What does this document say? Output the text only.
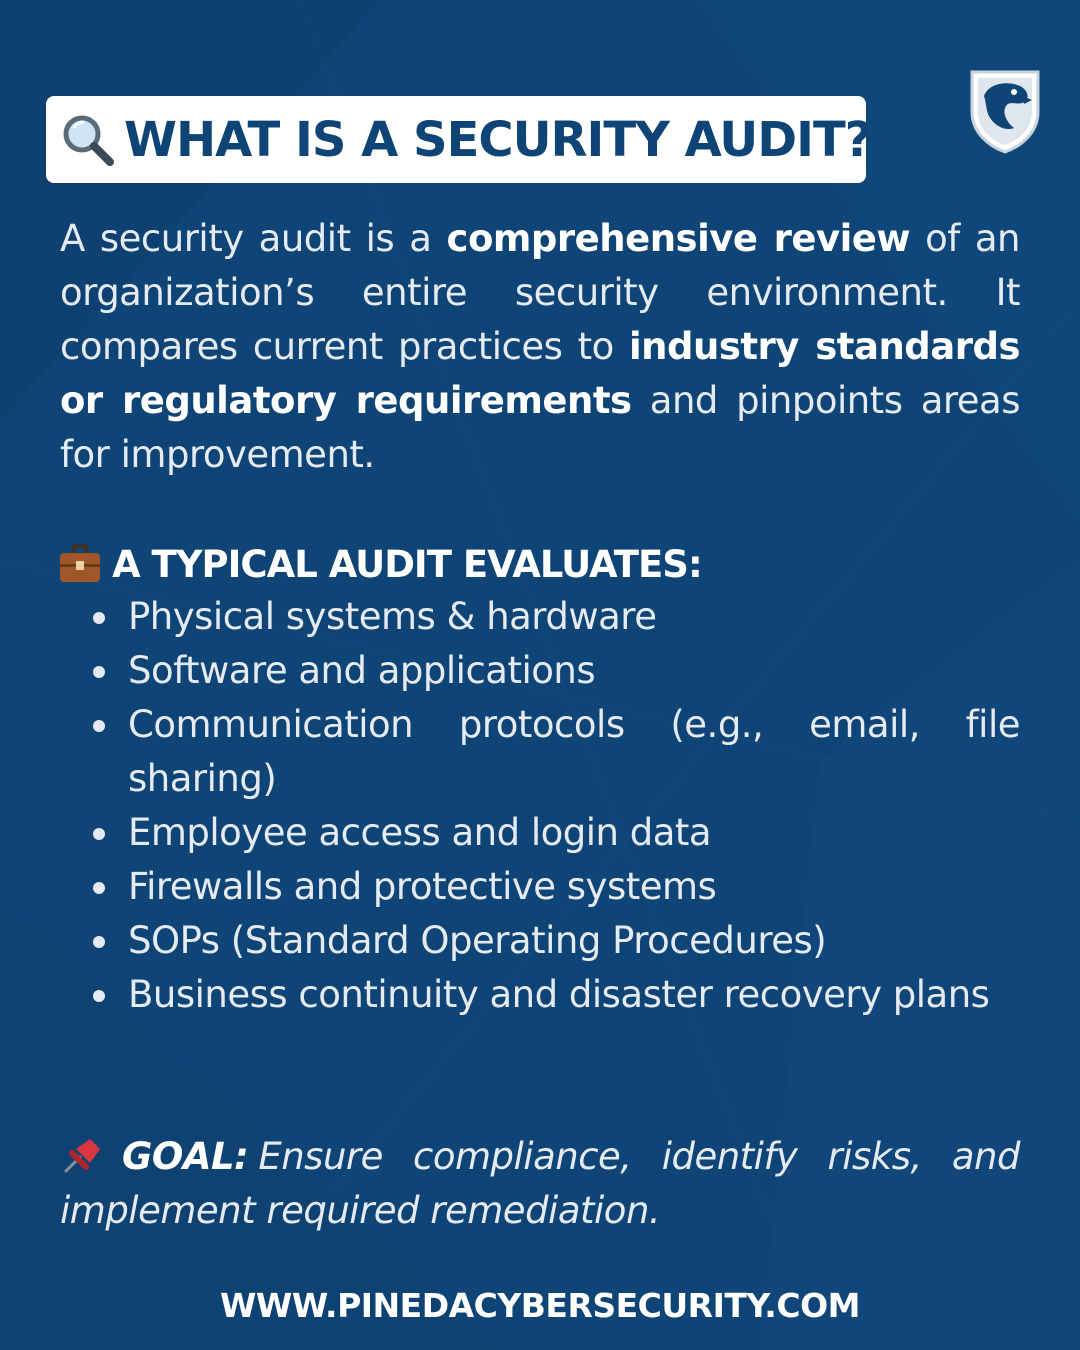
WHAT IS A SECURITY AUDIT?
A security audit is a comprehensive review of an organization’s entire security environment. It compares current practices to industry standards or regulatory requirements and pinpoints areas for improvement.
A TYPICAL AUDIT EVALUATES:
Physical systems & hardware
Software and applications
Communication protocols (e.g., email, file sharing)
Employee access and login data
Firewalls and protective systems
SOPs (Standard Operating Procedures)
Business continuity and disaster recovery plans
GOAL: Ensure compliance, identify risks, and implement required remediation.
WWW.PINEDACYBERSECURITY.COM
